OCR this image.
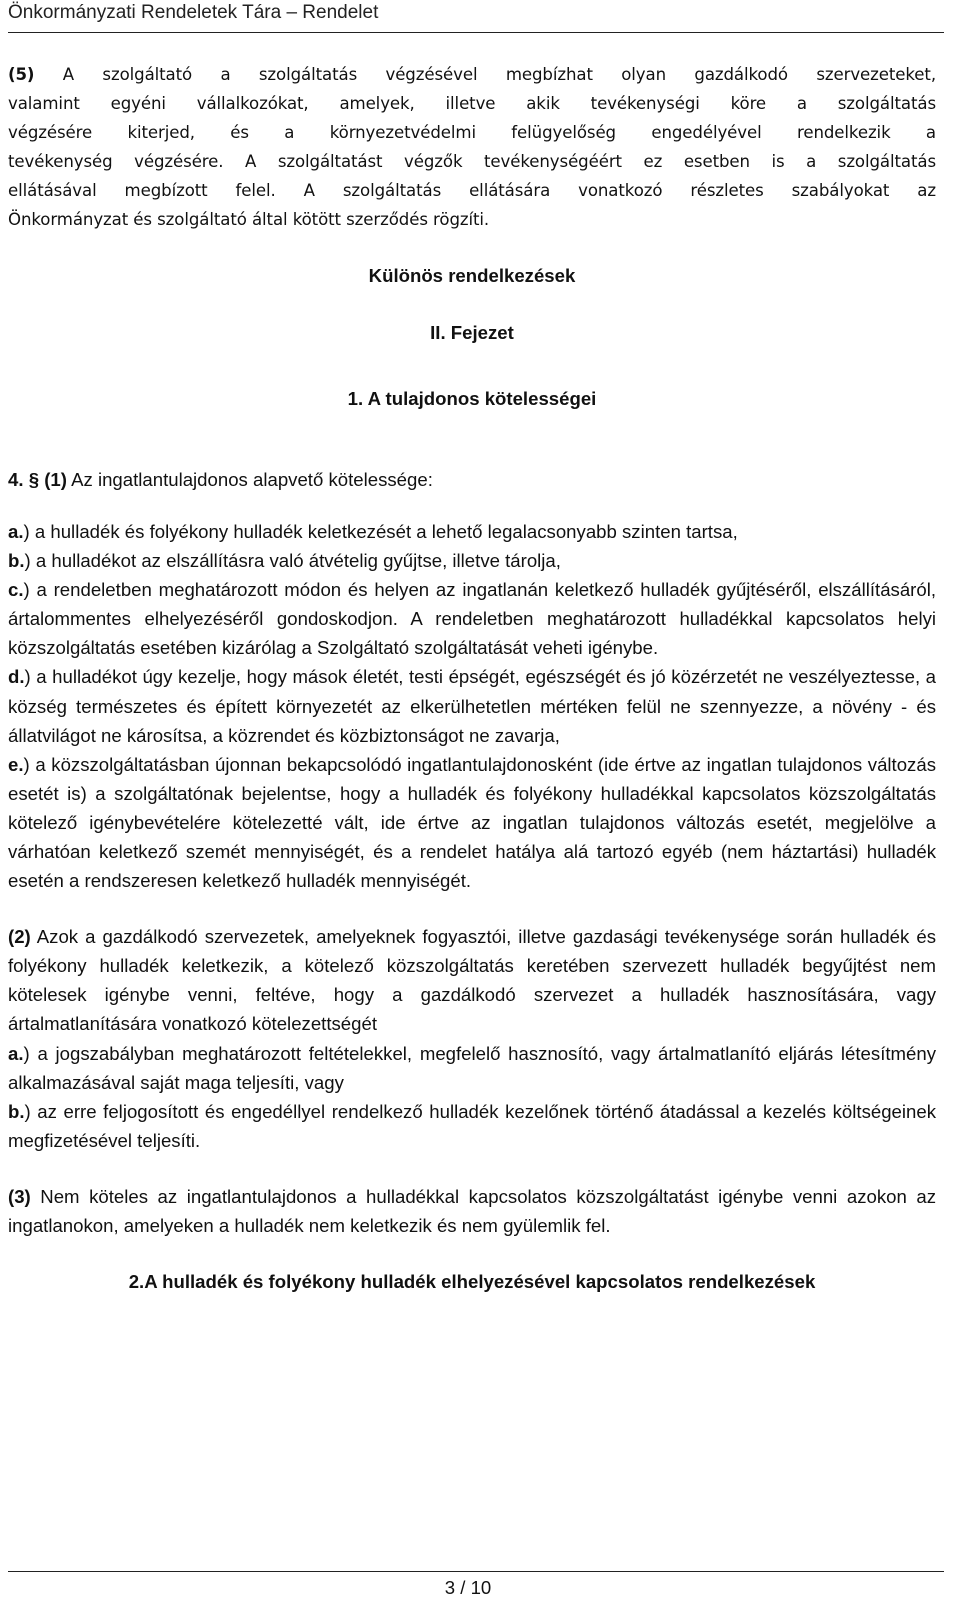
Önkormányzati Rendeletek Tára – Rendelet
(5) A szolgáltató a szolgáltatás végzésével megbízhat olyan gazdálkodó szervezeteket,
valamint egyéni vállalkozókat, amelyek, illetve akik tevékenységi köre a szolgáltatás
végzésére kiterjed, és a környezetvédelmi felügyelőség engedélyével rendelkezik a
tevékenység végzésére. A szolgáltatást végzők tevékenységéért ez esetben is a szolgáltatás
ellátásával megbízott felel. A szolgáltatás ellátására vonatkozó részletes szabályokat az
Önkormányzat és szolgáltató által kötött szerződés rögzíti.

Különös rendelkezések

II. Fejezet

1. A tulajdonos kötelességei

4. § (1) Az ingatlantulajdonos alapvető kötelessége:
a.) a hulladék és folyékony hulladék keletkezését a lehető legalacsonyabb szinten tartsa,
b.) a hulladékot az elszállításra való átvételig gyűjtse, illetve tárolja,
c.) a rendeletben meghatározott módon és helyen az ingatlanán keletkező hulladék gyűjtéséről, elszállításáról, ártalommentes elhelyezéséről gondoskodjon. A rendeletben meghatározott hulladékkal kapcsolatos helyi közszolgáltatás esetében kizárólag a Szolgáltató szolgáltatását veheti igénybe.
d.) a hulladékot úgy kezelje, hogy mások életét, testi épségét, egészségét és jó közérzetét ne veszélyeztesse, a község természetes és épített környezetét az elkerülhetetlen mértéken felül ne szennyezze, a növény - és állatvilágot ne károsítsa, a közrendet és közbiztonságot ne zavarja,
e.) a közszolgáltatásban újonnan bekapcsolódó ingatlantulajdonosként (ide értve az ingatlan tulajdonos változás esetét is) a szolgáltatónak bejelentse, hogy a hulladék és folyékony hulladékkal kapcsolatos közszolgáltatás kötelező igénybevételére kötelezetté vált, ide értve az ingatlan tulajdonos változás esetét, megjelölve a várhatóan keletkező szemét mennyiségét, és a rendelet hatálya alá tartozó egyéb (nem háztartási) hulladék esetén a rendszeresen keletkező hulladék mennyiségét.
(2) Azok a gazdálkodó szervezetek, amelyeknek fogyasztói, illetve gazdasági tevékenysége során hulladék és folyékony hulladék keletkezik, a kötelező közszolgáltatás keretében szervezett hulladék begyűjtést nem kötelesek igénybe venni, feltéve, hogy a gazdálkodó szervezet a hulladék hasznosítására, vagy ártalmatlanítására vonatkozó kötelezettségét
a.) a jogszabályban meghatározott feltételekkel, megfelelő hasznosító, vagy ártalmatlanító eljárás létesítmény alkalmazásával saját maga teljesíti, vagy
b.) az erre feljogosított és engedéllyel rendelkező hulladék kezelőnek történő átadással a kezelés költségeinek megfizetésével teljesíti.
(3) Nem köteles az ingatlantulajdonos a hulladékkal kapcsolatos közszolgáltatást igénybe venni azokon az ingatlanokon, amelyeken a hulladék nem keletkezik és nem gyülemlik fel.

2.A hulladék és folyékony hulladék elhelyezésével kapcsolatos rendelkezések

3 / 10
